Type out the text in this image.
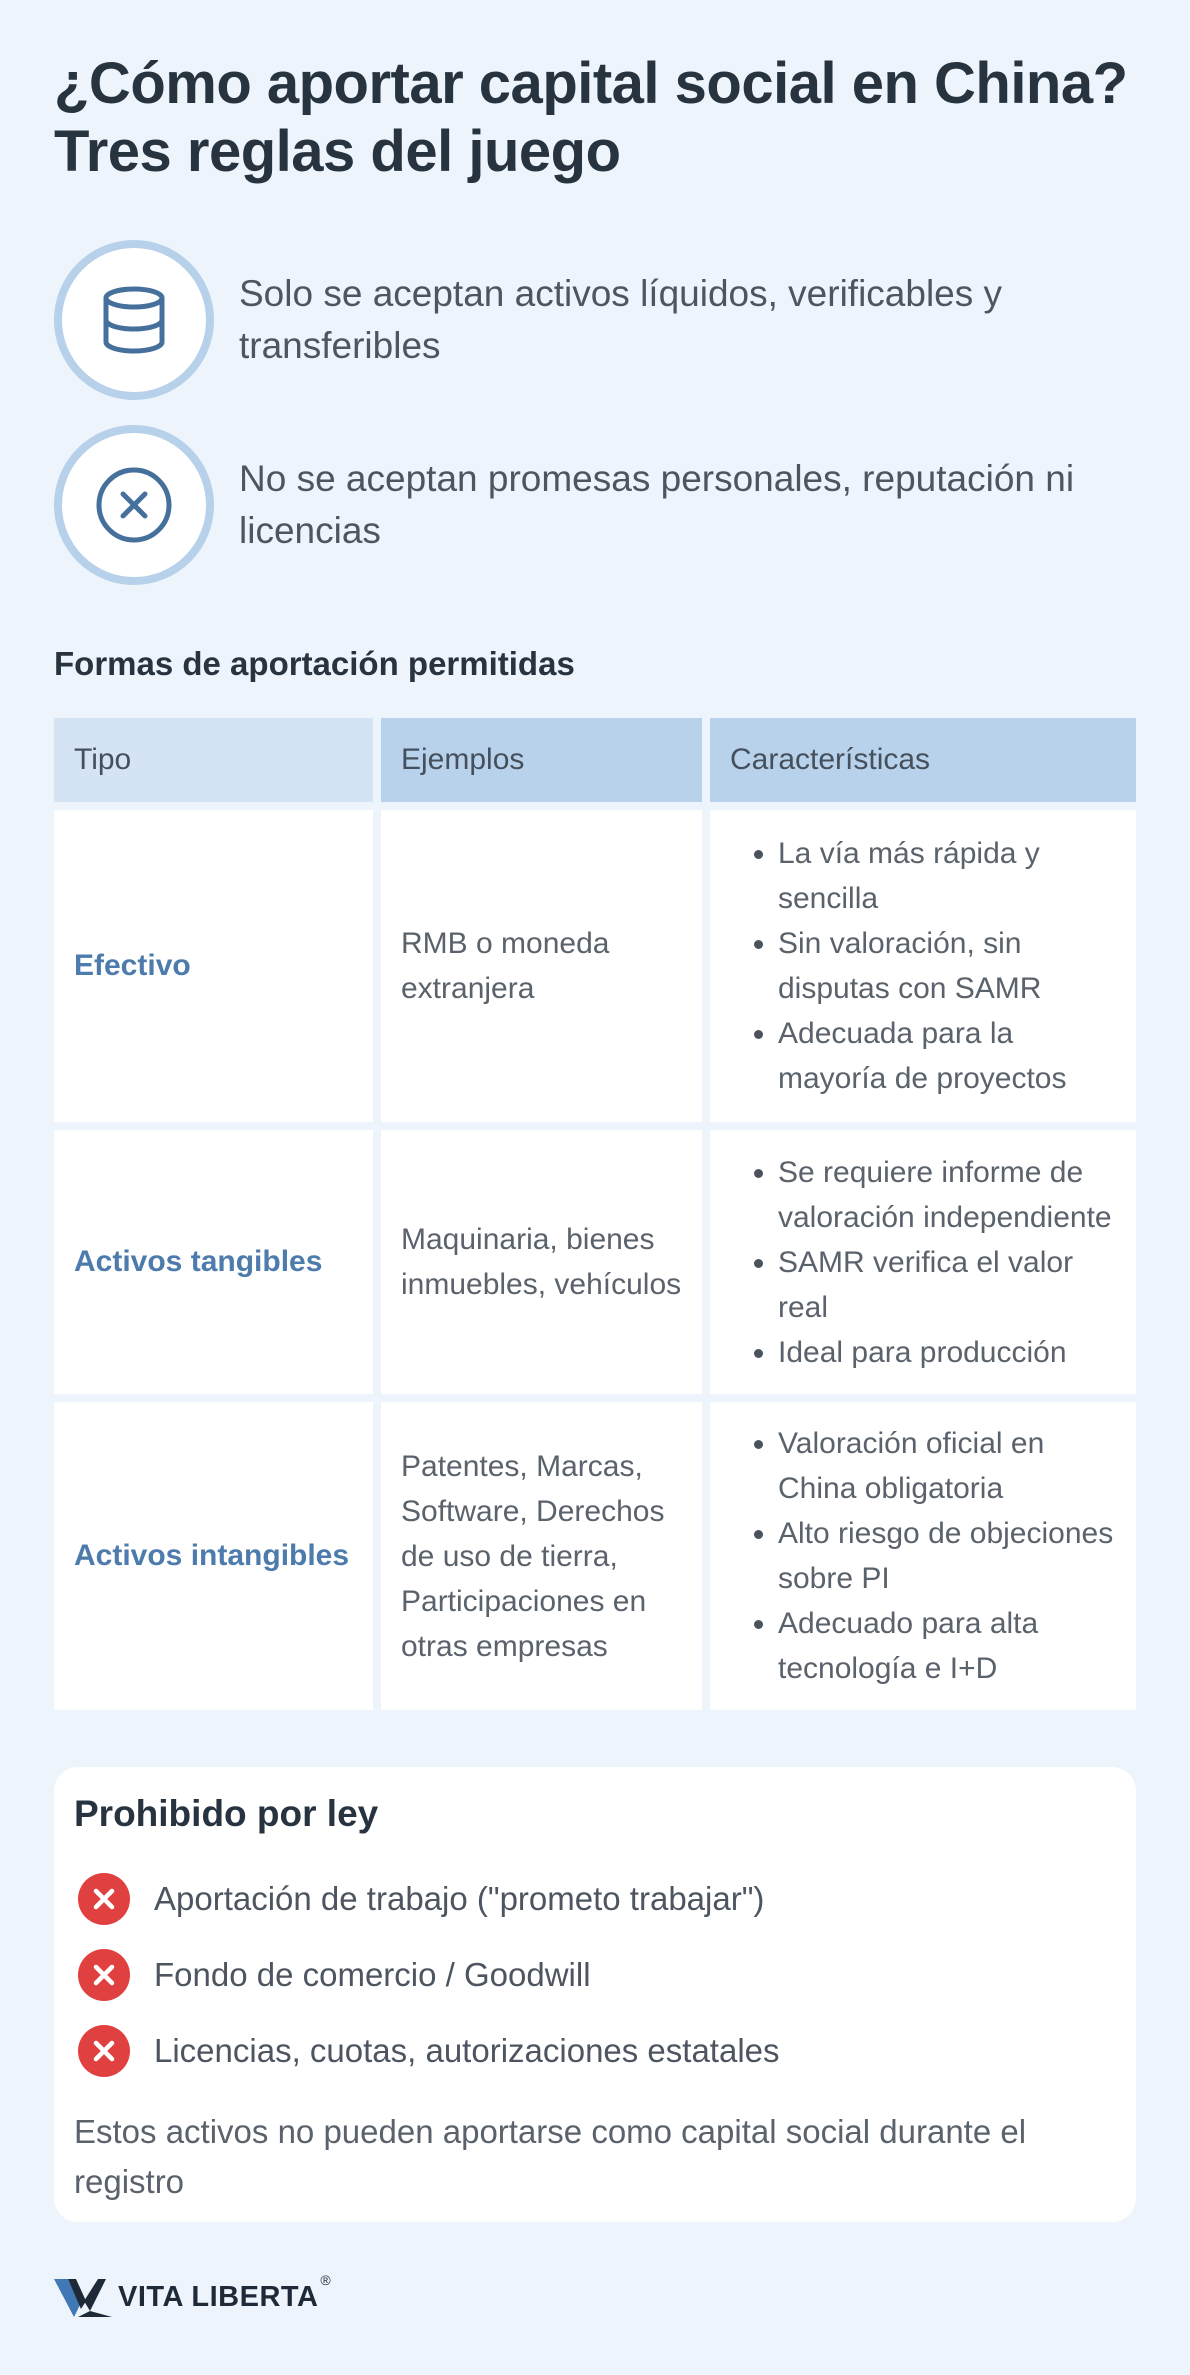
¿Cómo aportar capital social en China?
Tres reglas del juego
Solo se aceptan activos líquidos, verificables y transferibles
No se aceptan promesas personales, reputación ni licencias
Formas de aportación permitidas
Tipo	Ejemplos	Características
Efectivo
RMB o moneda extranjera
• La vía más rápida y sencilla
• Sin valoración, sin disputas con SAMR
• Adecuada para la mayoría de proyectos
Activos tangibles
Maquinaria, bienes inmuebles, vehículos
• Se requiere informe de valoración independiente
• SAMR verifica el valor real
• Ideal para producción
Activos intangibles
Patentes, Marcas, Software, Derechos de uso de tierra, Participaciones en otras empresas
• Valoración oficial en China obligatoria
• Alto riesgo de objeciones sobre PI
• Adecuado para alta tecnología e I+D
Prohibido por ley
Aportación de trabajo ("prometo trabajar")
Fondo de comercio / Goodwill
Licencias, cuotas, autorizaciones estatales
Estos activos no pueden aportarse como capital social durante el registro
VITA LIBERTA
®
